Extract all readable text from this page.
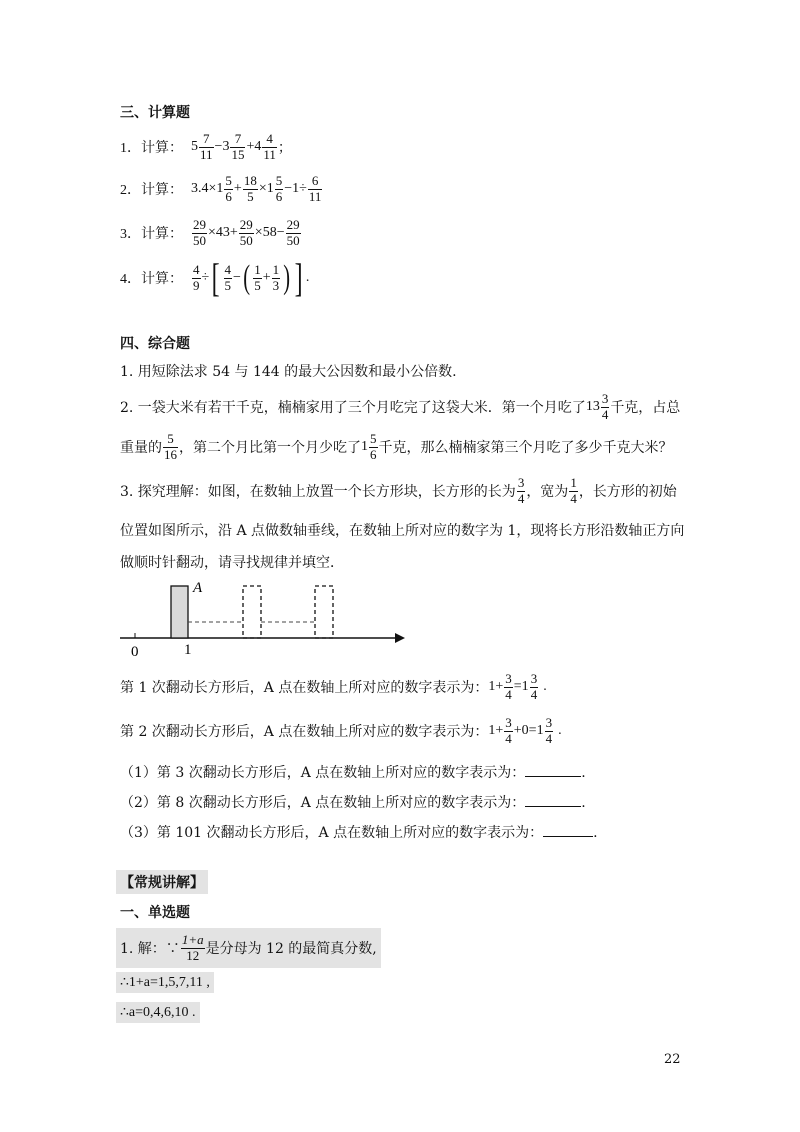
三、计算题
1． 计算： $5 \frac{7}{11} - 3 \frac{7}{15} + 4 \frac{4}{11}$ ；
2． 计算： $3.4\times 1 \frac{5}{6} + \frac{18}{5} \times 1 \frac{5}{6} -1\div \frac{6}{11}$
3． 计算： $\frac{29}{50} \times 43+ \frac{29}{50} \times 58- \frac{29}{50}$
4． 计算： $\frac{4}{9}$ ÷ [ $\frac{4}{5}$ − ( $\frac{1}{5} + \frac{1}{3}$ ) ] .
四、综合题
1. 用短除法求 54 与 144 的最大公因数和最小公倍数.
2. 一袋大米有若干千克，楠楠家用了三个月吃完了这袋大米．第一个月吃了 $13 \frac{3}{4}$ 千克，占总
重量的 $\frac{5}{16}$ ，第二个月比第一个月少吃了 $1 \frac{5}{6}$ 千克，那么楠楠家第三个月吃了多少千克大米？
3. 探究理解：如图，在数轴上放置一个长方形块，长方形的长为 $\frac{3}{4}$ ，宽为 $\frac{1}{4}$ ，长方形的初始
位置如图所示，沿 A 点做数轴垂线，在数轴上所对应的数字为 1，现将长方形沿数轴正方向
做顺时针翻动，请寻找规律并填空．
A
0	1
第 1 次翻动长方形后，A 点在数轴上所对应的数字表示为： $1+ \frac{3}{4} =1 \frac{3}{4}$ .
第 2 次翻动长方形后，A 点在数轴上所对应的数字表示为： $1+ \frac{3}{4} +0=1 \frac{3}{4}$ .
（1）第 3 次翻动长方形后，A 点在数轴上所对应的数字表示为：	.
（2）第 8 次翻动长方形后，A 点在数轴上所对应的数字表示为：	.
（3）第 101 次翻动长方形后，A 点在数轴上所对应的数字表示为：	.
【常规讲解】
一、单选题
1. 解：∵ $\frac{1+a}{12}$ 是分母为 12 的最简真分数,
∴1+a=1,5,7,11 ,
∴a=0,4,6,10 .
22
